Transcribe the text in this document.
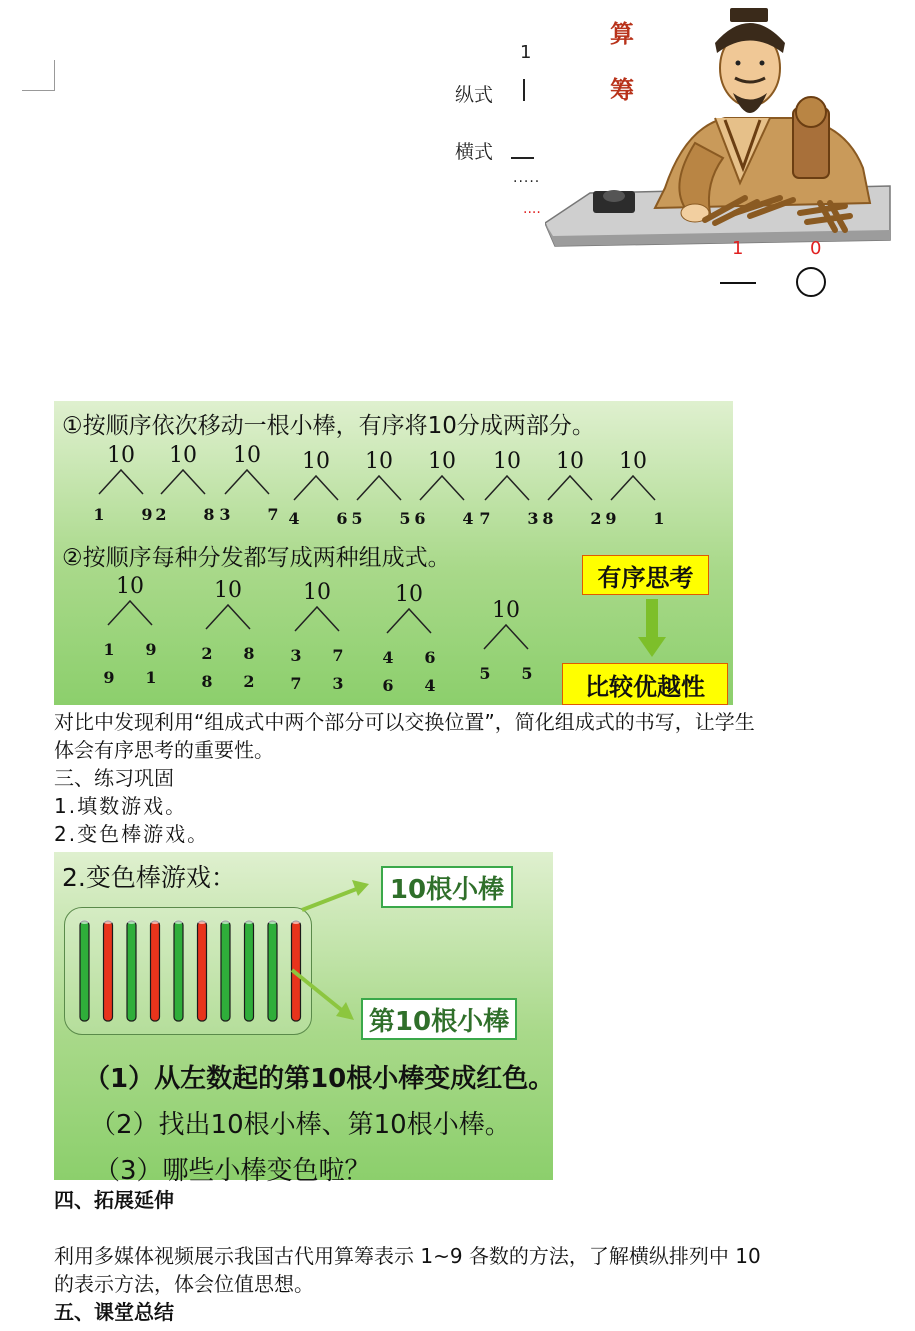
1
纵式
横式
.....
....
算
筹
1	0
①按顺序依次移动一根小棒，有序将10分成两部分。
10
1 9
10
2 8
10
3 7
10
4 6
10
5 5
10
6 4
10
7 3
10
8 2
10
9 1
②按顺序每种分发都写成两种组成式。
10
1 9
9 1
10
2 8
8 2
10
3 7
7 3
10
4 6
6 4
10
5 5
有序思考
比较优越性
对比中发现利用“组成式中两个部分可以交换位置”，简化组成式的书写，让学生
体会有序思考的重要性。
三、练习巩固
1.填数游戏。
2.变色棒游戏。
2.变色棒游戏：	10根小棒
第10根小棒
（1）从左数起的第10根小棒变成红色。
（2）找出10根小棒、第10根小棒。
（3）哪些小棒变色啦？
四、拓展延伸
利用多媒体视频展示我国古代用算筹表示 1~9 各数的方法，了解横纵排列中 10
的表示方法，体会位值思想。
五、课堂总结
